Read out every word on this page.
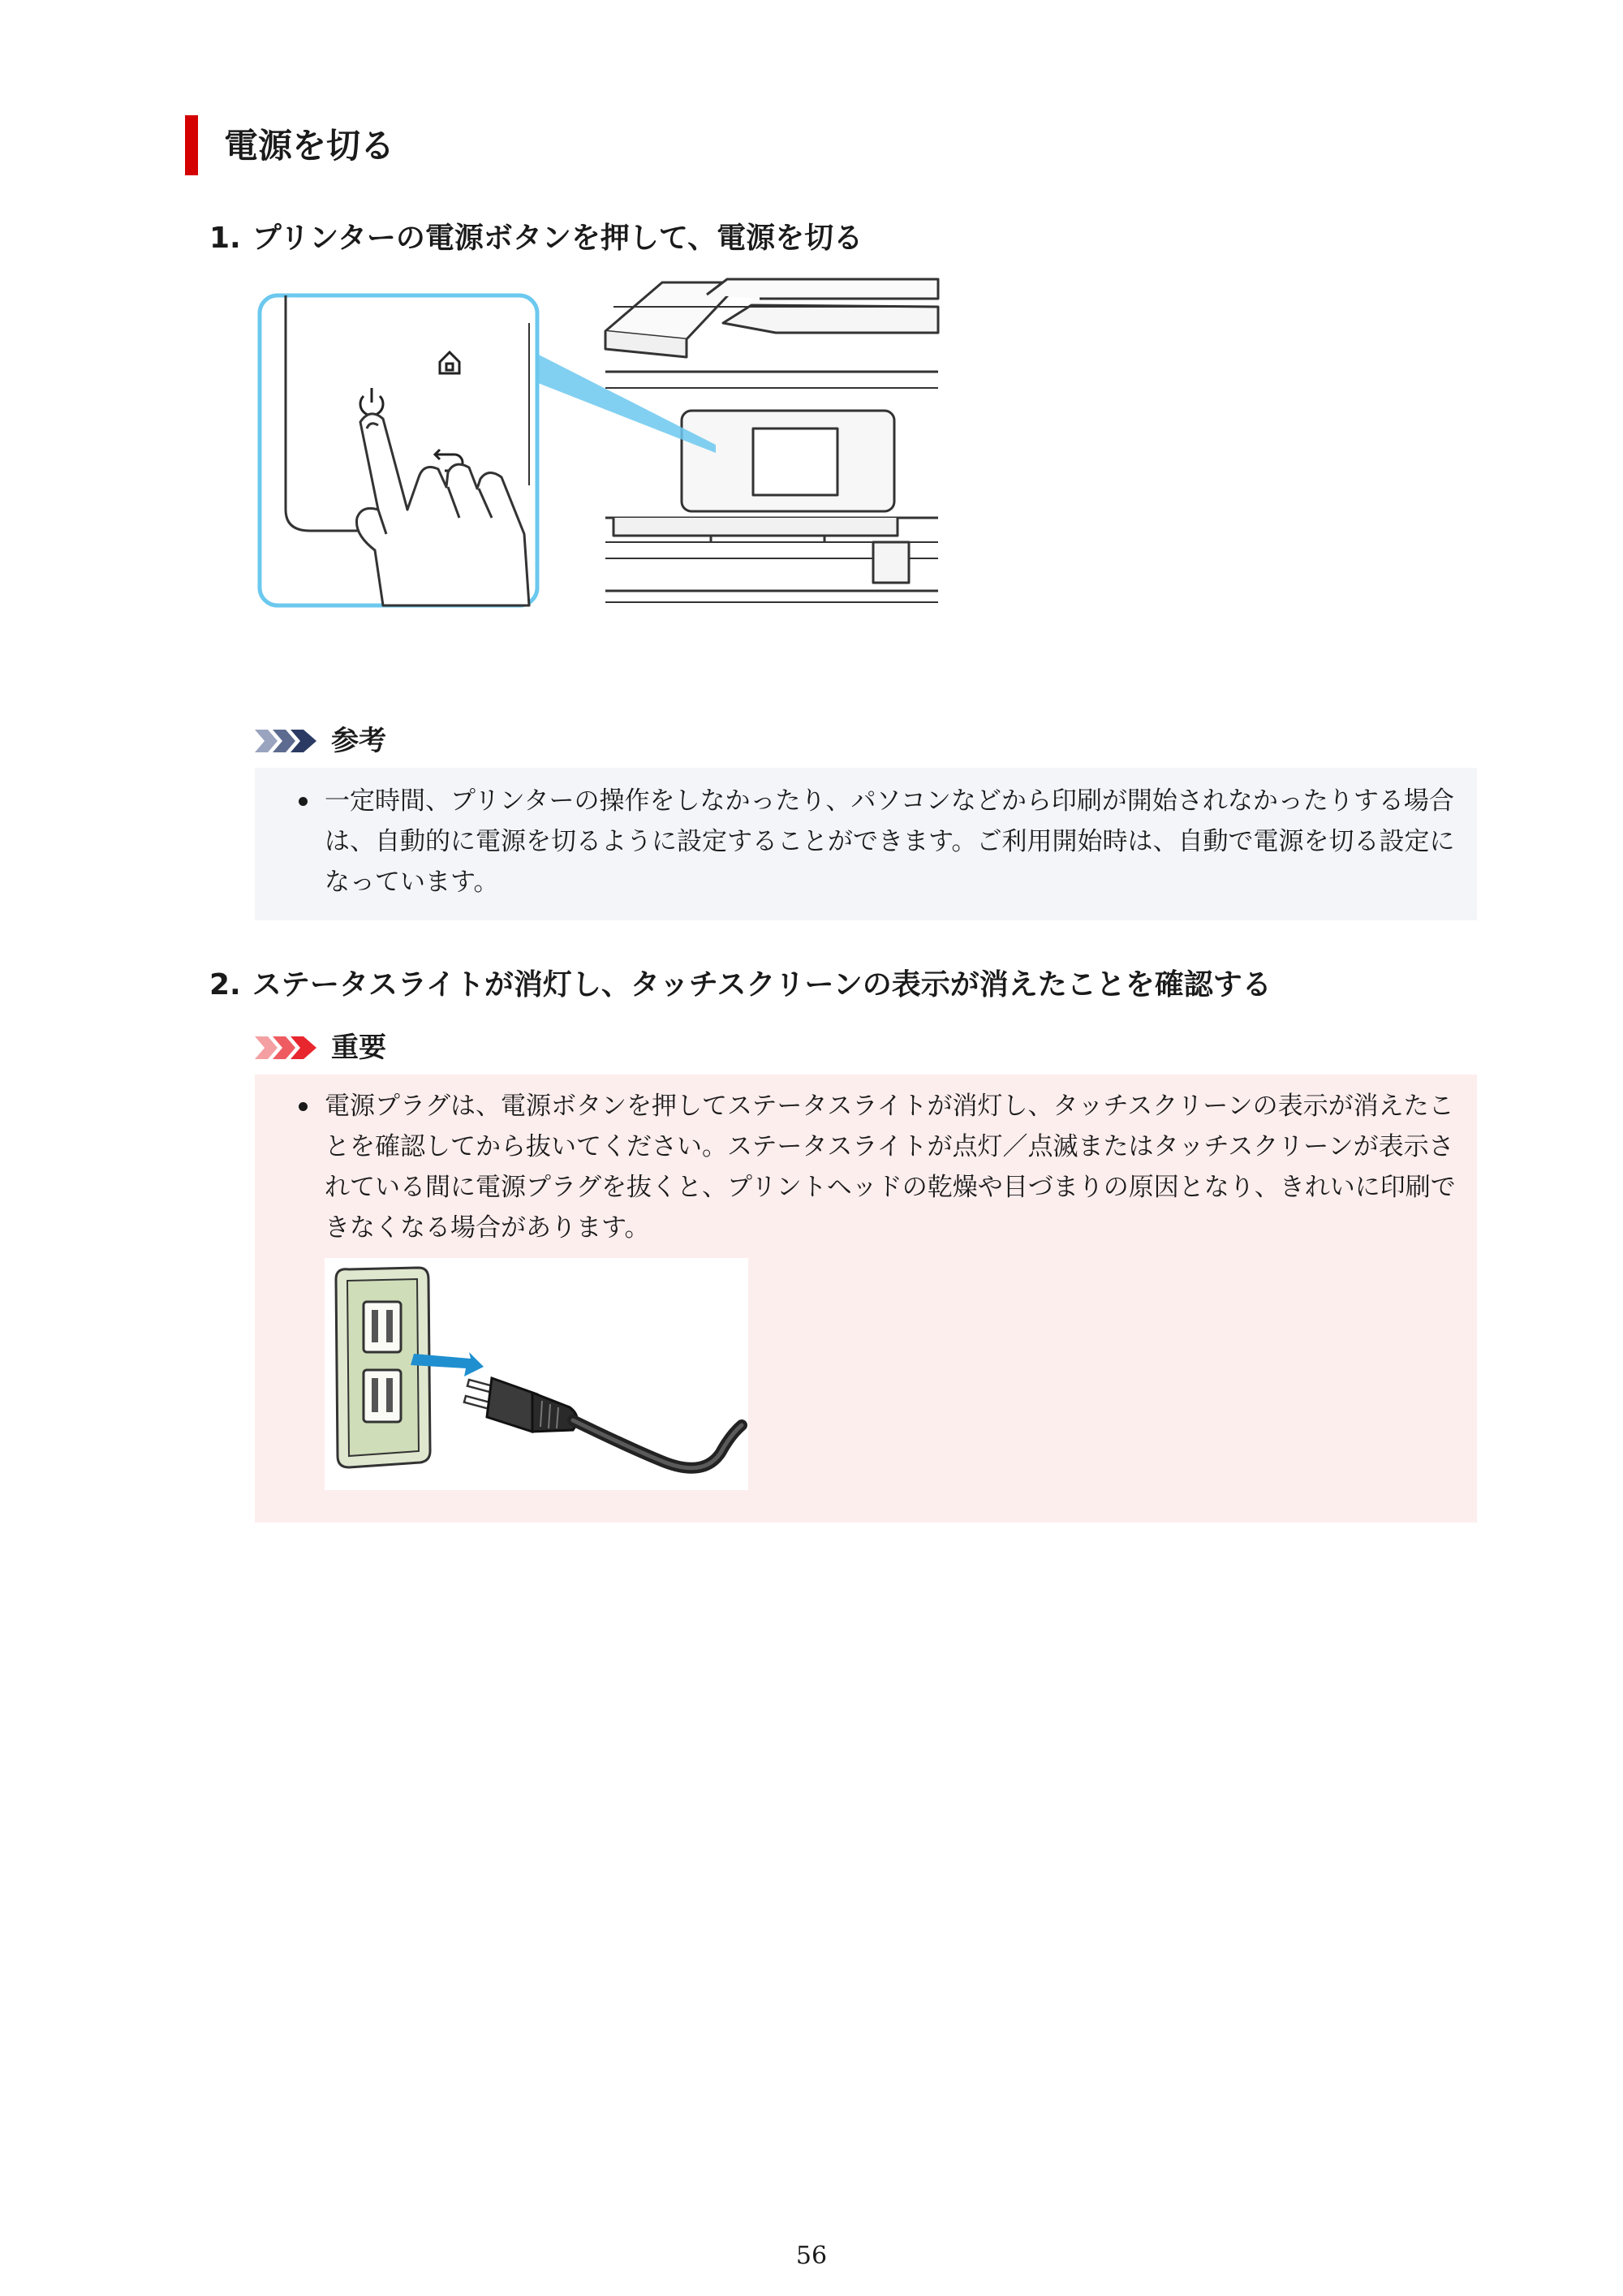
電源を切る
1. プリンターの電源ボタンを押して、電源を切る
参考
一定時間、プリンターの操作をしなかったり、パソコンなどから印刷が開始されなかったりする場合は、自動的に電源を切るように設定することができます。ご利用開始時は、自動で電源を切る設定になっています。
2. ステータスライトが消灯し、タッチスクリーンの表示が消えたことを確認する
重要
電源プラグは、電源ボタンを押してステータスライトが消灯し、タッチスクリーンの表示が消えたことを確認してから抜いてください。ステータスライトが点灯／点滅またはタッチスクリーンが表示されている間に電源プラグを抜くと、プリントヘッドの乾燥や目づまりの原因となり、きれいに印刷できなくなる場合があります。
56
